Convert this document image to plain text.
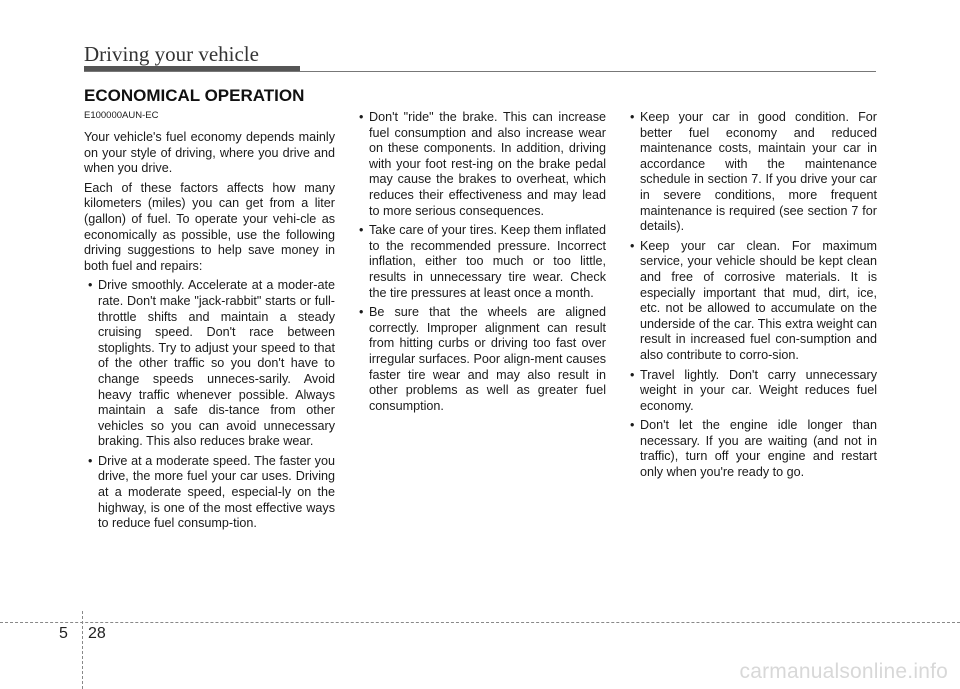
Driving your vehicle
ECONOMICAL OPERATION

E100000AUN-EC

Your vehicle's fuel economy depends mainly on your style of driving, where you drive and when you drive.

Each of these factors affects how many kilometers (miles) you can get from a liter (gallon) of fuel. To operate your vehi-cle as economically as possible, use the following driving suggestions to help save money in both fuel and repairs:

• Drive smoothly. Accelerate at a moder-ate rate. Don't make "jack-rabbit" starts or full-throttle shifts and maintain a steady cruising speed. Don't race between stoplights. Try to adjust your speed to that of the other traffic so you don't have to change speeds unneces-sarily. Avoid heavy traffic whenever possible. Always maintain a safe dis-tance from other vehicles so you can avoid unnecessary braking. This also reduces brake wear.
• Drive at a moderate speed. The faster you drive, the more fuel your car uses. Driving at a moderate speed, especial-ly on the highway, is one of the most effective ways to reduce fuel consump-tion.
• Don't "ride" the brake. This can increase fuel consumption and also increase wear on these components. In addition, driving with your foot rest-ing on the brake pedal may cause the brakes to overheat, which reduces their effectiveness and may lead to more serious consequences.
• Take care of your tires. Keep them inflated to the recommended pressure. Incorrect inflation, either too much or too little, results in unnecessary tire wear. Check the tire pressures at least once a month.
• Be sure that the wheels are aligned correctly. Improper alignment can result from hitting curbs or driving too fast over irregular surfaces. Poor align-ment causes faster tire wear and may also result in other problems as well as greater fuel consumption.
• Keep your car in good condition. For better fuel economy and reduced maintenance costs, maintain your car in accordance with the maintenance schedule in section 7. If you drive your car in severe conditions, more frequent maintenance is required (see section 7 for details).
• Keep your car clean. For maximum service, your vehicle should be kept clean and free of corrosive materials. It is especially important that mud, dirt, ice, etc. not be allowed to accumulate on the underside of the car. This extra weight can result in increased fuel con-sumption and also contribute to corro-sion.
• Travel lightly. Don't carry unnecessary weight in your car. Weight reduces fuel economy.
• Don't let the engine idle longer than necessary. If you are waiting (and not in traffic), turn off your engine and restart only when you're ready to go.
5 28
carmanualsonline.info
